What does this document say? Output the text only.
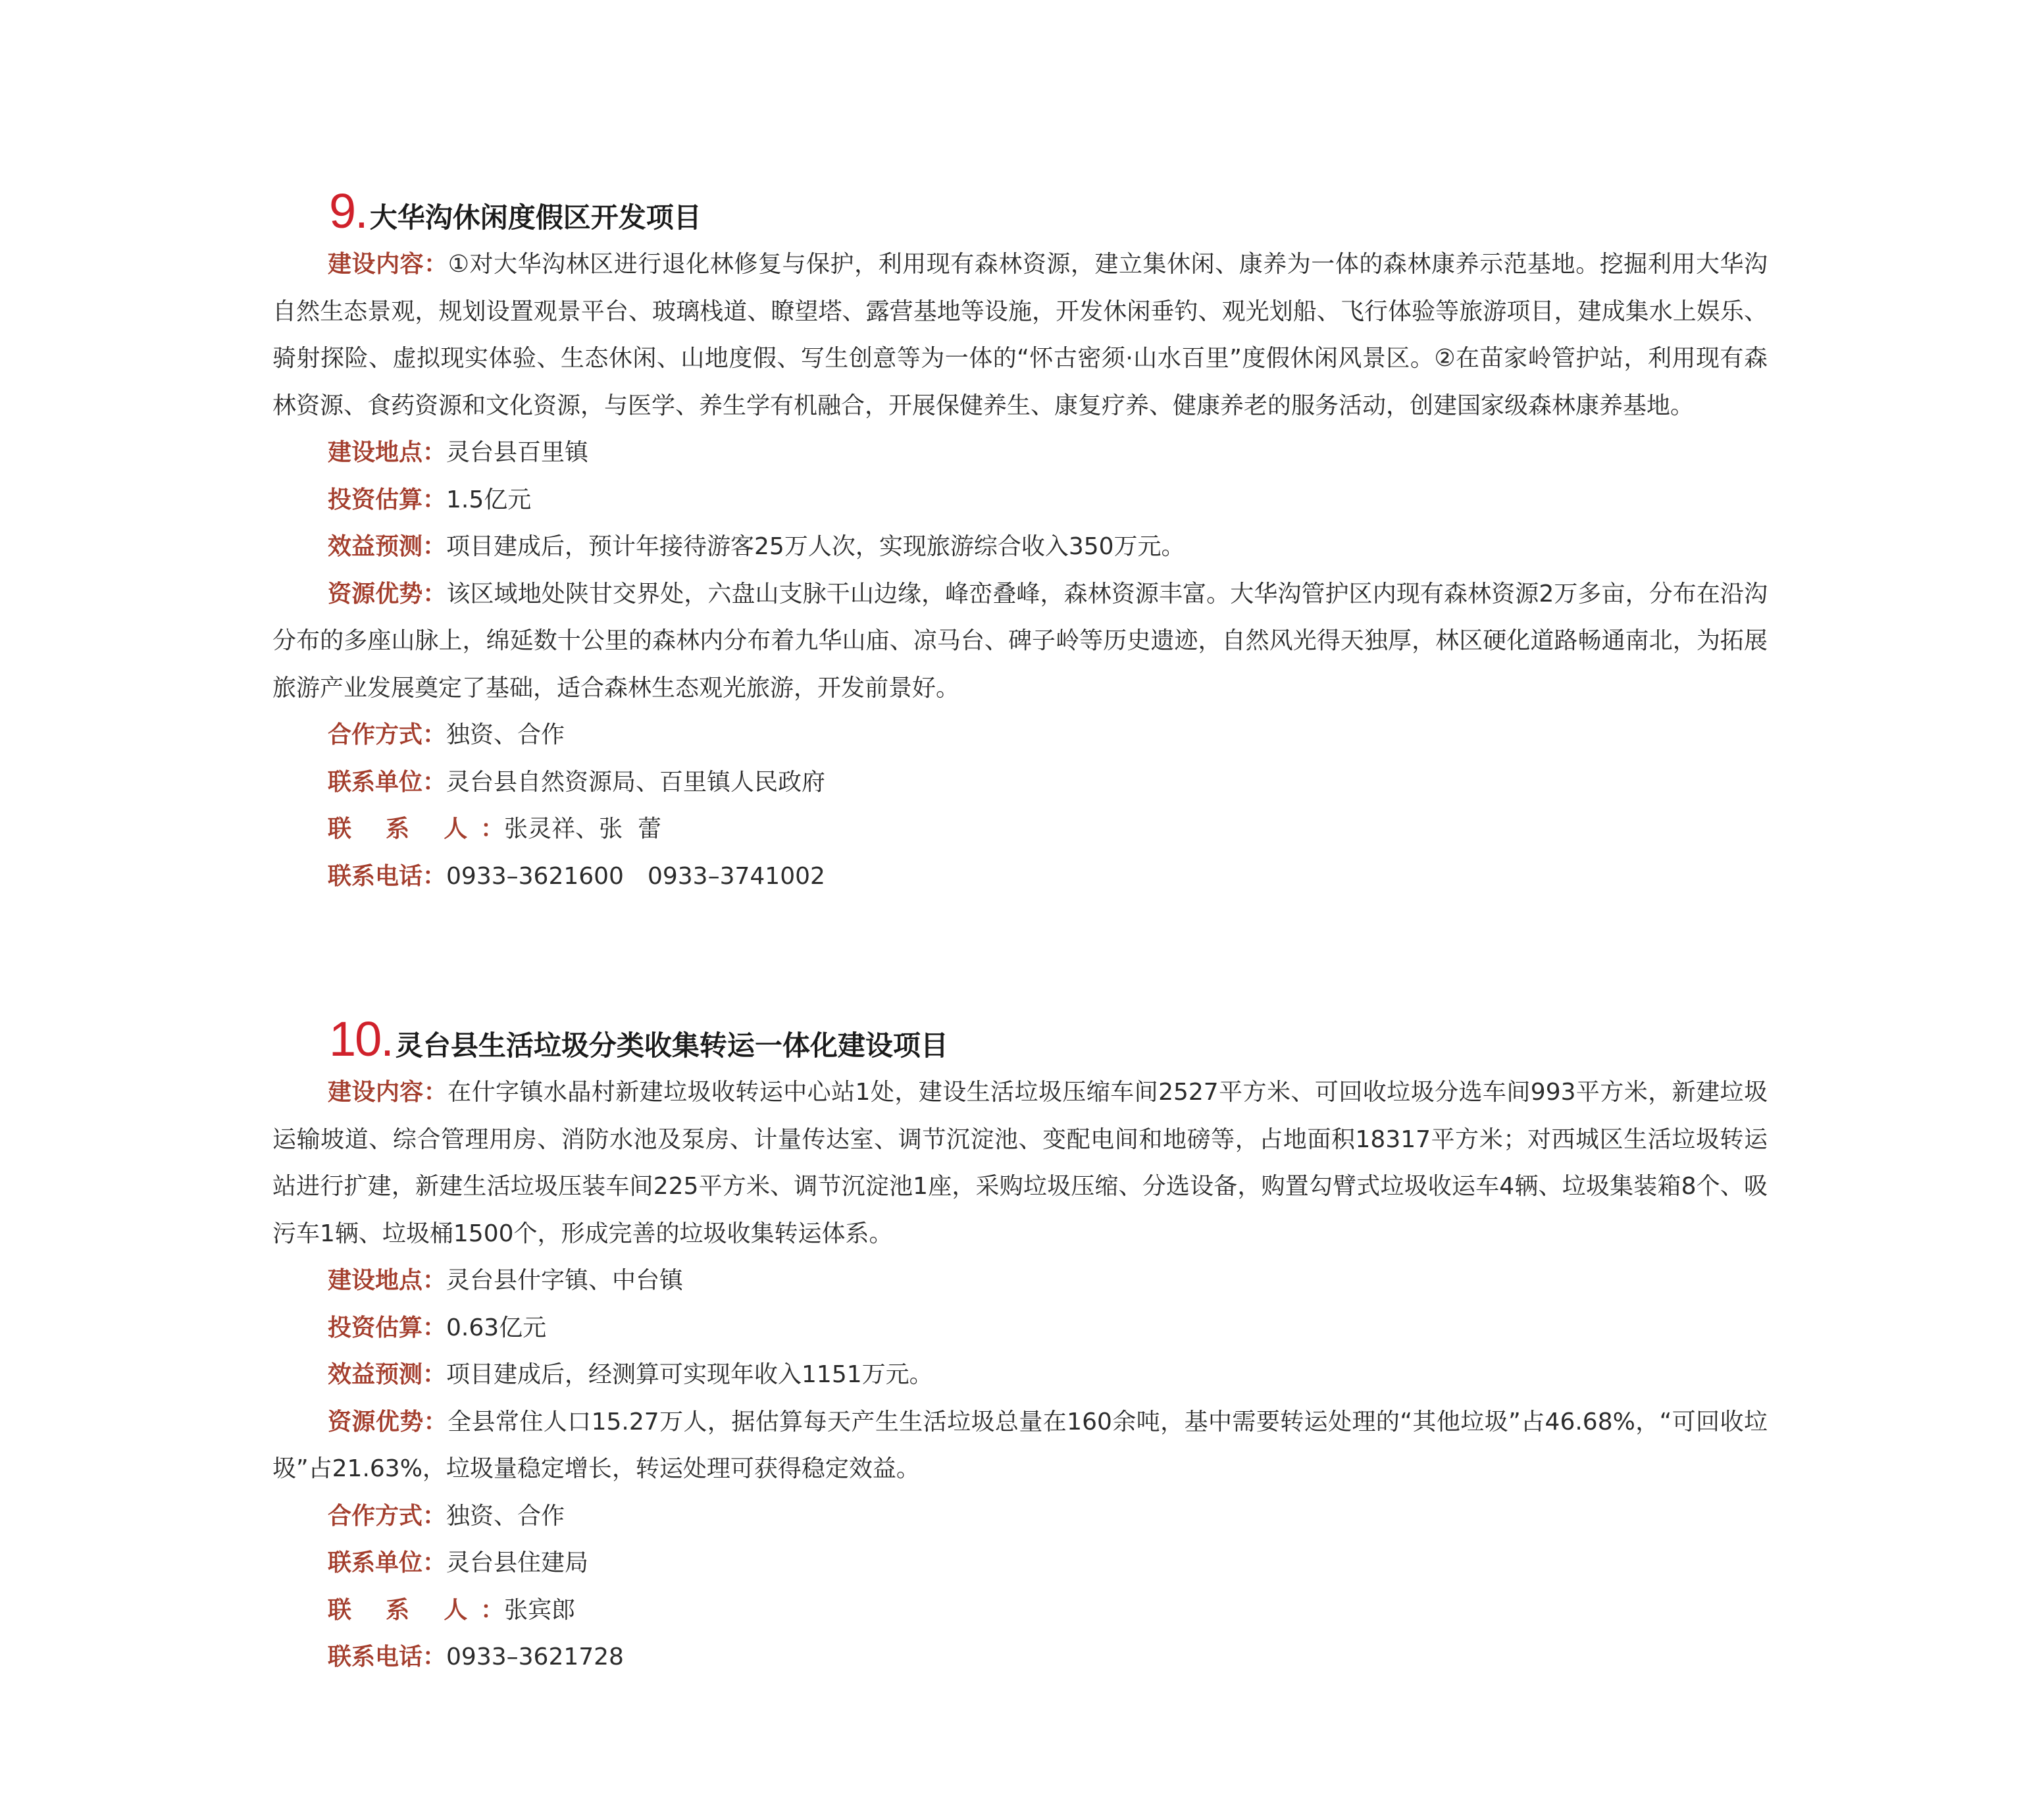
9. 大华沟休闲度假区开发项目

建设内容：①对大华沟林区进行退化林修复与保护，利用现有森林资源，建立集休闲、康养为一体的森林康养示范基地。挖掘利用大华沟自然生态景观，规划设置观景平台、玻璃栈道、瞭望塔、露营基地等设施，开发休闲垂钓、观光划船、飞行体验等旅游项目，建成集水上娱乐、骑射探险、虚拟现实体验、生态休闲、山地度假、写生创意等为一体的“怀古密须·山水百里”度假休闲风景区。②在苗家岭管护站，利用现有森林资源、食药资源和文化资源，与医学、养生学有机融合，开展保健养生、康复疗养、健康养老的服务活动，创建国家级森林康养基地。

建设地点：灵台县百里镇

投资估算：1.5亿元

效益预测：项目建成后，预计年接待游客25万人次，实现旅游综合收入350万元。

资源优势：该区域地处陕甘交界处，六盘山支脉干山边缘，峰峦叠峰，森林资源丰富。大华沟管护区内现有森林资源2万多亩，分布在沿沟分布的多座山脉上，绵延数十公里的森林内分布着九华山庙、凉马台、碑子岭等历史遗迹，自然风光得天独厚，林区硬化道路畅通南北，为拓展旅游产业发展奠定了基础，适合森林生态观光旅游，开发前景好。

合作方式：独资、合作

联系单位：灵台县自然资源局、百里镇人民政府

联 系 人：张灵祥、张  蕾

联系电话：0933–3621600　0933–3741002

10. 灵台县生活垃圾分类收集转运一体化建设项目

建设内容：在什字镇水晶村新建垃圾收转运中心站1处，建设生活垃圾压缩车间2527平方米、可回收垃圾分选车间993平方米，新建垃圾运输坡道、综合管理用房、消防水池及泵房、计量传达室、调节沉淀池、变配电间和地磅等，占地面积18317平方米；对西城区生活垃圾转运站进行扩建，新建生活垃圾压装车间225平方米、调节沉淀池1座，采购垃圾压缩、分选设备，购置勾臂式垃圾收运车4辆、垃圾集装箱8个、吸污车1辆、垃圾桶1500个，形成完善的垃圾收集转运体系。

建设地点：灵台县什字镇、中台镇

投资估算：0.63亿元

效益预测：项目建成后，经测算可实现年收入1151万元。

资源优势：全县常住人口15.27万人，据估算每天产生生活垃圾总量在160余吨，基中需要转运处理的“其他垃圾”占46.68%，“可回收垃圾”占21.63%，垃圾量稳定增长，转运处理可获得稳定效益。

合作方式：独资、合作

联系单位：灵台县住建局

联 系 人：张宾郎

联系电话：0933–3621728
